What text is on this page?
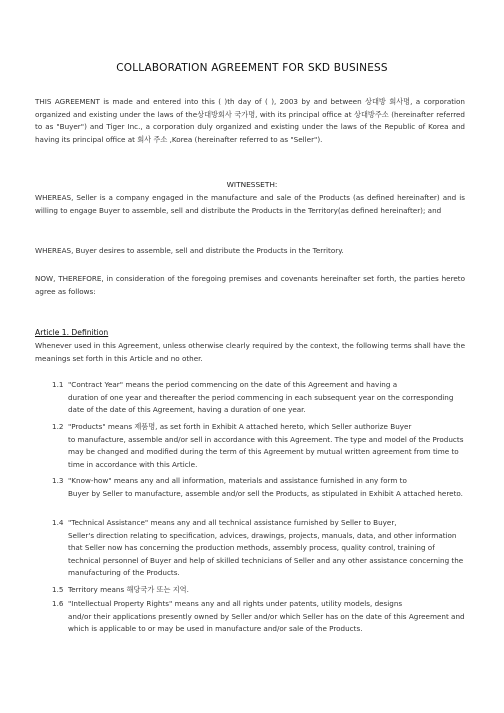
COLLABORATION AGREEMENT FOR SKD BUSINESS
THIS AGREEMENT is made and entered into this ( )th day of ( ), 2003 by and between 상대방 회사명, a corporation organized and existing under the laws of the상대방회사 국가명, with its principal office at 상대방주소 (hereinafter referred to as "Buyer") and Tiger Inc., a corporation duly organized and existing under the laws of the Republic of Korea and having its principal office at 회사 주소 ,Korea (hereinafter referred to as "Seller").
WITNESSETH:
WHEREAS, Seller is a company engaged in the manufacture and sale of the Products (as defined hereinafter) and is willing to engage Buyer to assemble, sell and distribute the Products in the Territory(as defined hereinafter); and
WHEREAS, Buyer desires to assemble, sell and distribute the Products in the Territory.
NOW, THEREFORE, in consideration of the foregoing premises and covenants hereinafter set forth, the parties hereto agree as follows:
Article 1. Definition
Whenever used in this Agreement, unless otherwise clearly required by the context, the following terms shall have the meanings set forth in this Article and no other.
1.1 "Contract Year" means the period commencing on the date of this Agreement and having a
duration of one year and thereafter the period commencing in each subsequent year on the corresponding date of the date of this Agreement, having a duration of one year.
1.2 "Products" means 제품명, as set forth in Exhibit A attached hereto, which Seller authorize Buyer
to manufacture, assemble and/or sell in accordance with this Agreement. The type and model of the Products may be changed and modified during the term of this Agreement by mutual written agreement from time to time in accordance with this Article.
1.3 "Know-how" means any and all information, materials and assistance furnished in any form to
Buyer by Seller to manufacture, assemble and/or sell the Products, as stipulated in Exhibit A attached hereto.
1.4 "Technical Assistance" means any and all technical assistance furnished by Seller to Buyer,
Seller's direction relating to specification, advices, drawings, projects, manuals, data, and other information that Seller now has concerning the production methods, assembly process, quality control, training of technical personnel of Buyer and help of skilled technicians of Seller and any other assistance concerning the manufacturing of the Products.
1.5 Territory means 해당국가 또는 지역.
1.6 "Intellectual Property Rights" means any and all rights under patents, utility models, designs
and/or their applications presently owned by Seller and/or which Seller has on the date of this Agreement and which is applicable to or may be used in manufacture and/or sale of the Products.
